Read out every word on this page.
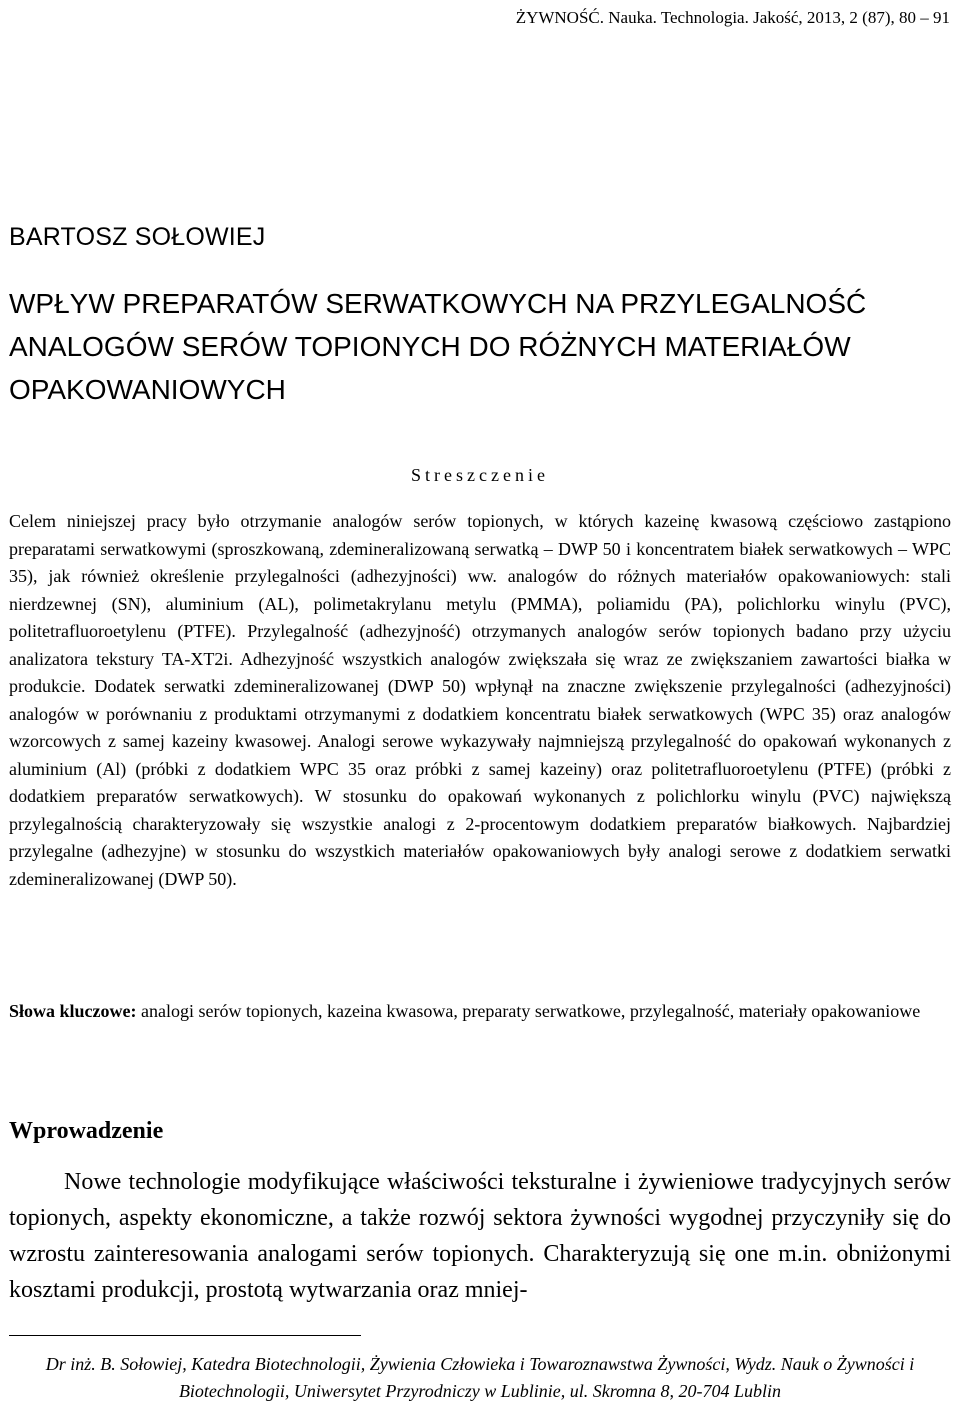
ŻYWNOŚĆ. Nauka. Technologia. Jakość, 2013, 2 (87), 80 – 91
BARTOSZ SOŁOWIEJ
WPŁYW PREPARATÓW SERWATKOWYCH NA PRZYLEGALNOŚĆ ANALOGÓW SERÓW TOPIONYCH DO RÓŻNYCH MATERIAŁÓW OPAKOWANIOWYCH
Streszczenie

Celem niniejszej pracy było otrzymanie analogów serów topionych, w których kazeinę kwasową częściowo zastąpiono preparatami serwatkowymi (sproszkowaną, zdemineralizowaną serwatką – DWP 50 i koncentratem białek serwatkowych – WPC 35), jak również określenie przylegalności (adhezyjności) ww. analogów do różnych materiałów opakowaniowych: stali nierdzewnej (SN), aluminium (AL), polimetakrylanu metylu (PMMA), poliamidu (PA), polichlorku winylu (PVC), politetrafluoroetylenu (PTFE). Przylegalność (adhezyjność) otrzymanych analogów serów topionych badano przy użyciu analizatora tekstury TA-XT2i. Adhezyjność wszystkich analogów zwiększała się wraz ze zwiększaniem zawartości białka w produkcie. Dodatek serwatki zdemineralizowanej (DWP 50) wpłynął na znaczne zwiększenie przylegalności (adhezyjności) analogów w porównaniu z produktami otrzymanymi z dodatkiem koncentratu białek serwatkowych (WPC 35) oraz analogów wzorcowych z samej kazeiny kwasowej. Analogi serowe wykazywały najmniejszą przylegalność do opakowań wykonanych z aluminium (Al) (próbki z dodatkiem WPC 35 oraz próbki z samej kazeiny) oraz politetrafluoroetylenu (PTFE) (próbki z dodatkiem preparatów serwatkowych). W stosunku do opakowań wykonanych z polichlorku winylu (PVC) największą przylegalnością charakteryzowały się wszystkie analogi z 2-procentowym dodatkiem preparatów białkowych. Najbardziej przylegalne (adhezyjne) w stosunku do wszystkich materiałów opakowaniowych były analogi serowe z dodatkiem serwatki zdemineralizowanej (DWP 50).

Słowa kluczowe: analogi serów topionych, kazeina kwasowa, preparaty serwatkowe, przylegalność, materiały opakowaniowe

Wprowadzenie

Nowe technologie modyfikujące właściwości teksturalne i żywieniowe tradycyjnych serów topionych, aspekty ekonomiczne, a także rozwój sektora żywności wygodnej przyczyniły się do wzrostu zainteresowania analogami serów topionych. Charakteryzują się one m.in. obniżonymi kosztami produkcji, prostotą wytwarzania oraz mniej-

Dr inż. B. Sołowiej, Katedra Biotechnologii, Żywienia Człowieka i Towaroznawstwa Żywności, Wydz. Nauk o Żywności i Biotechnologii, Uniwersytet Przyrodniczy w Lublinie, ul. Skromna 8, 20-704 Lublin
